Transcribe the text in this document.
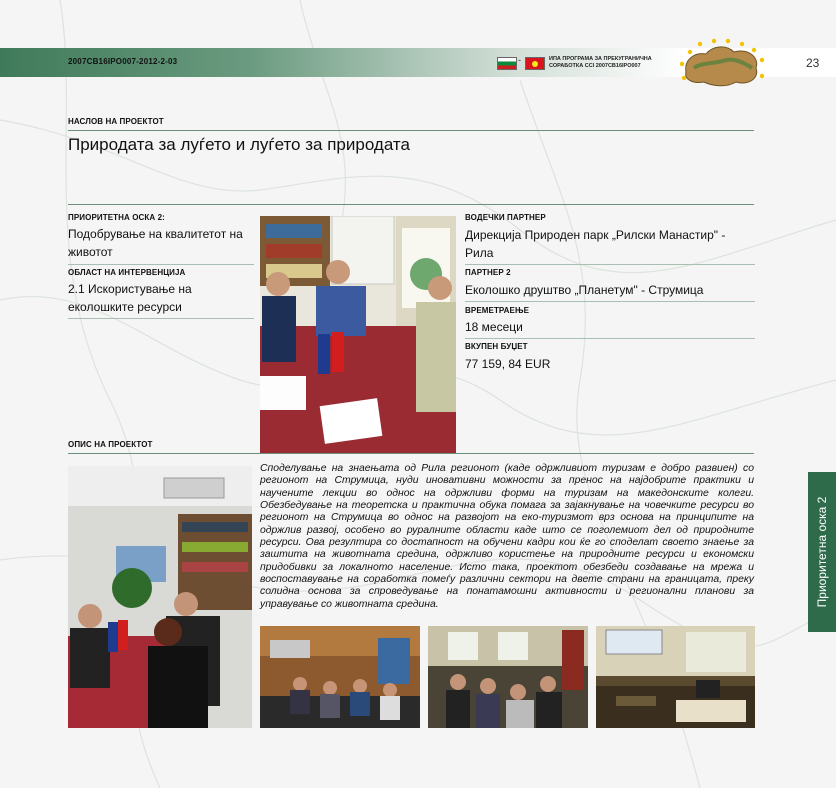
2007CB16IPO007-2012-2-03	-	ИПА ПРОГРАМА ЗА ПРЕКУГРАНИЧНА СОРАБОТКА CCI 2007CB16IPO007	23
НАСЛОВ НА ПРОЕКТОТ
Природата за луѓето и луѓето за природата
ПРИОРИТЕТНА ОСКА 2:
Подобрување на квалитетот на животот
ОБЛАСТ НА ИНТЕРВЕНЦИЈА
2.1 Искористување на еколошките ресурси
ВОДЕЧКИ ПАРТНЕР
Дирекција Природен парк „Рилски Манастир" - Рила
ПАРТНЕР 2
Еколошко друштво „Планетум" - Струмица
ВРЕМЕТРАЕЊЕ
18 месеци
ВКУПЕН БУЏЕТ
77 159, 84 EUR
ОПИС НА ПРОЕКТОТ
Споделување на знаењата од Рила регионот (каде одржливиот туризам е добро развиен) со регионот на Струмица, нуди иновативни можности за пренос на најдобрите практики и научените лекции во однос на одржливи форми на туризам на македонските колеги. Обезбедување на теоретска и практична обука помага за зајакнување на човечките ресурси во регионот на Струмица во однос на развојот на еко-туризмот врз основа на принципите на одржлив развој, особено во руралните области каде што се поголемиот дел од природните ресурси. Ова резултира со достапност на обучени кадри кои ќе го споделат своето знаење за заштита на животната средина, одржливо користење на природните ресурси и економски придобивки за локалното население. Исто така, проектот обезбеди создавање на мрежа и воспоставување на соработка помеѓу различни сектори на двете страни на границата, преку солидна основа за спроведување на понатамошни активности и регионални планови за управување со животната средина.	Приоритетна оска 2
